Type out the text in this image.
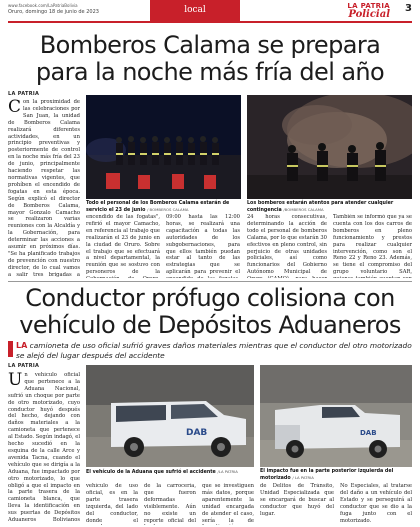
www.facebook.com/LaPatriaBolivia
Oruro, domingo 18 de junio de 2023	local	LA PATRIA
Policial
3
Bomberos Calama se prepara
para la noche más fría del año
LA PATRIA
Con la proximidad de las celebraciones por San Juan, la unidad de Bomberos Calama realizará diferentes actividades, en un principio preventivas y posteriormente de control en la noche más fría del 23 de junio, principalmente haciendo respetar las normativas vigentes, que prohíben el encendido de fogatas en esta época. Según explicó el director de Bomberos Calama, mayor Gonzalo Camacho se realizaron varias reuniones con la Alcaldía y la Gobernación, para determinar las acciones a asumir en próximos días. "Se ha planificado trabajos de prevención con nuestro director, de lo cual vamos a salir tres brigadas a
Todo el personal de los Bomberos Calama estarán de servicio el 23 de junio / BOMBEROS CALAMA
Los bomberos estarán atentos para atender cualquier contingencia /BOMBEROS CALAMA
encendido de las fogatas", refirió el mayor Camacho, en referencia al trabajo que realizarán el 23 de junio en la ciudad de Oruro. Sobre el trabajo que se efectuará a nivel departamental, la reunión que se sostuvo con personeros de la
09:00 hasta las 12:00 horas, se realizará una capacitación a todas las autoridades de los subgobernaciones, para que ellos también puedan estar al tanto de las estrategias que se aplicarán para prevenir el
24 horas consecutivas, determinando la acción de todo el personal de bomberos Calama, por lo que estarán 30 efectivos en pleno control, sin perjuicio de otras unidades policiales, así como funcionarios del Gobierno Autónomo Municipal de
También se informó que ya se cuenta con los dos carros de bomberos en pleno funcionamiento y prestos para realizar cualquier intervención, como son el Reno 22 y Reno 23. Además, se tiene el compromiso del grupo voluntario SAR,
Conductor prófugo colisiona con
vehículo de Depósitos Aduaneros
LA camioneta de uso oficial sufrió graves daños materiales mientras que el conductor del otro motorizado se alejó del lugar después del accidente
LA PATRIA
Un vehículo oficial que pertenece a la Aduana Nacional, sufrió un choque por parte de otro motorizado, cuyo conductor huyó después del hecho, dejando con daños materiales a la camioneta que pertenece al Estado. Según indagó, el hecho sucedió en la esquina de la calle Arce y avenida Tacna, cuando el vehículo que se dirigía a la Aduana, fue impactado por otro motorizado, lo que obligó a que el impacto en la parte trasera de la camioneta blanca, que lleva la identificación en sus puertas de Depósitos Aduaneros Bolivianos
DAB
El vehículo de la Aduana que sufrió el accidente /LA PATRIA
DAB
El impacto fue en la parte posterior izquierda del motorizado / LA PATRIA
vehículo de uso oficial, es en la parte trasera izquierda, del lado del conductor, donde el
de la carrocería, que fueron deformadas visiblemente. Aún no existe un reporte oficial del
que se investiguen más datos, porque aparentemente la unidad encargada de atender el caso, sería la de
de Delitos de Tránsito, Unidad Especializada que se encargará de buscar al conductor que huyó del lugar.
No Especiales, al tratarse del daño a un vehículo del Estado y se perseguirá al conductor que se dio a la fuga junto con el motorizado.
